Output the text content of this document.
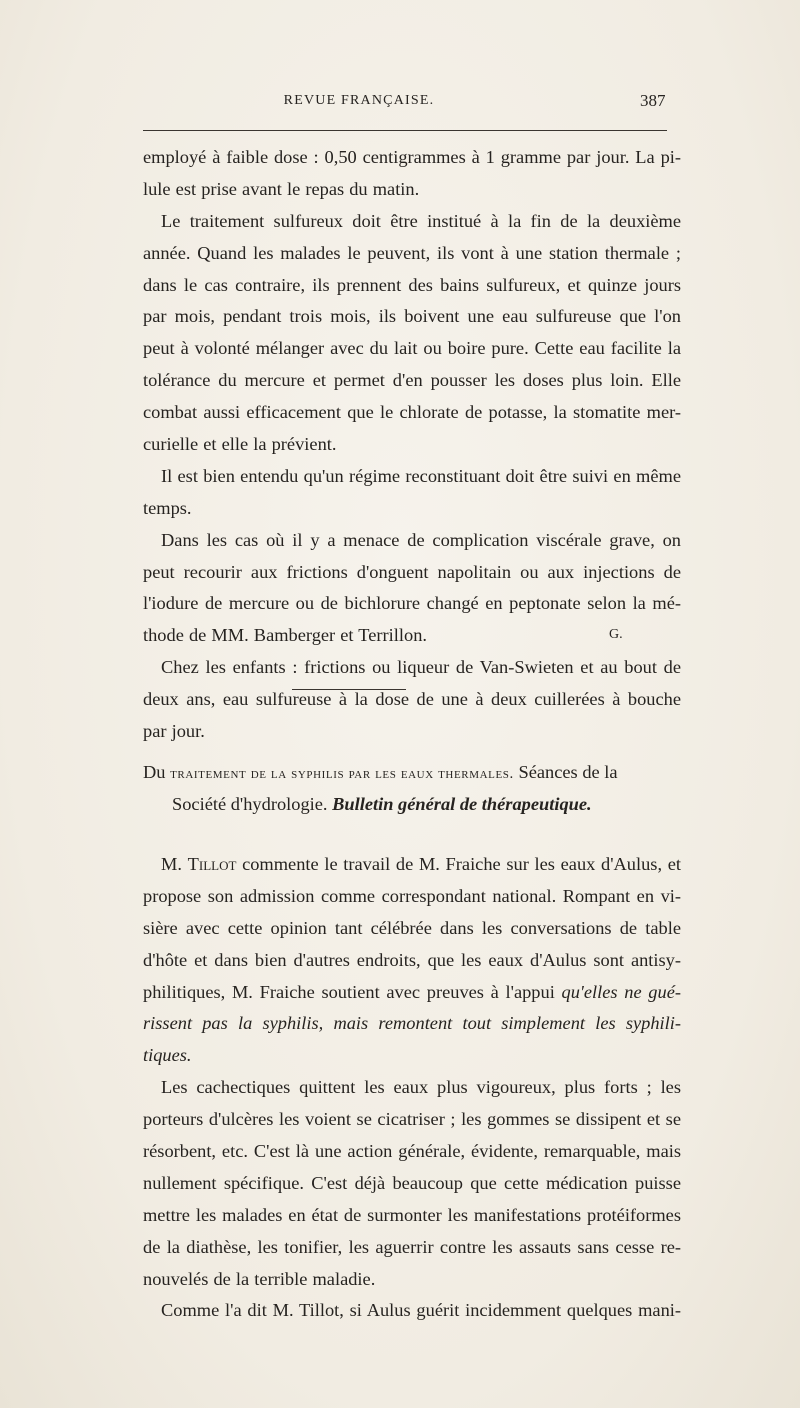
REVUE FRANÇAISE.	387
employé à faible dose : 0,50 centigrammes à 1 gramme par jour. La pi-
lule est prise avant le repas du matin.
Le traitement sulfureux doit être institué à la fin de la deuxième
année. Quand les malades le peuvent, ils vont à une station thermale ;
dans le cas contraire, ils prennent des bains sulfureux, et quinze jours
par mois, pendant trois mois, ils boivent une eau sulfureuse que l'on
peut à volonté mélanger avec du lait ou boire pure. Cette eau facilite la
tolérance du mercure et permet d'en pousser les doses plus loin. Elle
combat aussi efficacement que le chlorate de potasse, la stomatite mer-
curielle et elle la prévient.
Il est bien entendu qu'un régime reconstituant doit être suivi en même
temps.
Dans les cas où il y a menace de complication viscérale grave, on
peut recourir aux frictions d'onguent napolitain ou aux injections de
l'iodure de mercure ou de bichlorure changé en peptonate selon la mé-
thode de MM. Bamberger et Terrillon.
Chez les enfants : frictions ou liqueur de Van-Swieten et au bout de
deux ans, eau sulfureuse à la dose de une à deux cuillerées à bouche
par jour.
G.
Du traitement de la syphilis par les eaux thermales. Séances de la
Société d'hydrologie. Bulletin général de thérapeutique.
M. Tillot commente le travail de M. Fraiche sur les eaux d'Aulus, et
propose son admission comme correspondant national. Rompant en vi-
sière avec cette opinion tant célébrée dans les conversations de table
d'hôte et dans bien d'autres endroits, que les eaux d'Aulus sont antisy-
philitiques, M. Fraiche soutient avec preuves à l'appui qu'elles ne gué-
rissent pas la syphilis, mais remontent tout simplement les syphili-
tiques.
Les cachectiques quittent les eaux plus vigoureux, plus forts ; les
porteurs d'ulcères les voient se cicatriser ; les gommes se dissipent et se
résorbent, etc. C'est là une action générale, évidente, remarquable, mais
nullement spécifique. C'est déjà beaucoup que cette médication puisse
mettre les malades en état de surmonter les manifestations protéiformes
de la diathèse, les tonifier, les aguerrir contre les assauts sans cesse re-
nouvelés de la terrible maladie.
Comme l'a dit M. Tillot, si Aulus guérit incidemment quelques mani-
